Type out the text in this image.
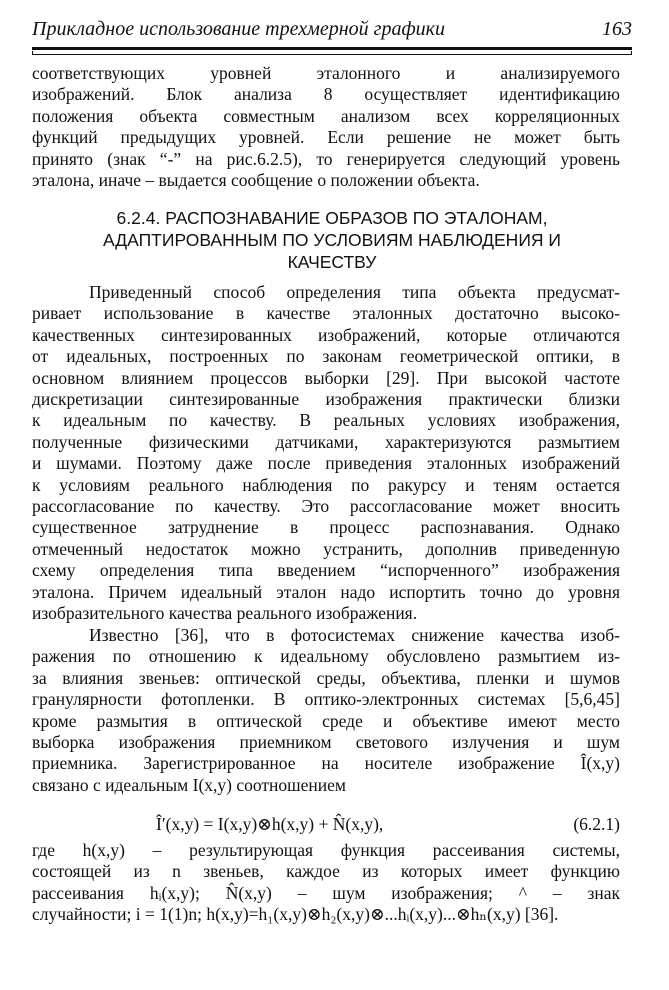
Прикладное использование трехмерной графики	163
соответствующих уровней эталонного и анализируемого
изображений. Блок анализа 8 осуществляет идентификацию
положения объекта совместным анализом всех корреляционных
функций предыдущих уровней. Если решение не может быть
принято (знак “-” на рис.6.2.5), то генерируется следующий уровень
эталона, иначе – выдается сообщение о положении объекта.
6.2.4. РАСПОЗНАВАНИЕ ОБРАЗОВ ПО ЭТАЛОНАМ,
АДАПТИРОВАННЫМ ПО УСЛОВИЯМ НАБЛЮДЕНИЯ И
КАЧЕСТВУ
Приведенный способ определения типа объекта предусмат-
ривает использование в качестве эталонных достаточно высоко-
качественных синтезированных изображений, которые отличаются
от идеальных, построенных по законам геометрической оптики, в
основном влиянием процессов выборки [29]. При высокой частоте
дискретизации синтезированные изображения практически близки
к идеальным по качеству. В реальных условиях изображения,
полученные физическими датчиками, характеризуются размытием
и шумами. Поэтому даже после приведения эталонных изображений
к условиям реального наблюдения по ракурсу и теням остается
рассогласование по качеству. Это рассогласование может вносить
существенное затруднение в процесс распознавания. Однако
отмеченный недостаток можно устранить, дополнив приведенную
схему определения типа введением “испорченного” изображения
эталона. Причем идеальный эталон надо испортить точно до уровня
изобразительного качества реального изображения.
Известно [36], что в фотосистемах снижение качества изоб-
ражения по отношению к идеальному обусловлено размытием из-
за влияния звеньев: оптической среды, объектива, пленки и шумов
гранулярности фотопленки. В оптико-электронных системах [5,6,45]
кроме размытия в оптической среде и объективе имеют место
выборка изображения приемником светового излучения и шум
приемника. Зарегистрированное на носителе изображение Î(x,y)
связано с идеальным I(x,y) соотношением
Î′(x,y) = I(x,y)⊗h(x,y) + N̂(x,y),	(6.2.1)
где h(x,y) – результирующая функция рассеивания системы,
состоящей из n звеньев, каждое из которых имеет функцию
рассеивания hᵢ(x,y); N̂(x,y) – шум изображения; ^ – знак
случайности; i = 1(1)n; h(x,y)=h₁(x,y)⊗h₂(x,y)⊗...hᵢ(x,y)...⊗hₙ(x,y) [36].
